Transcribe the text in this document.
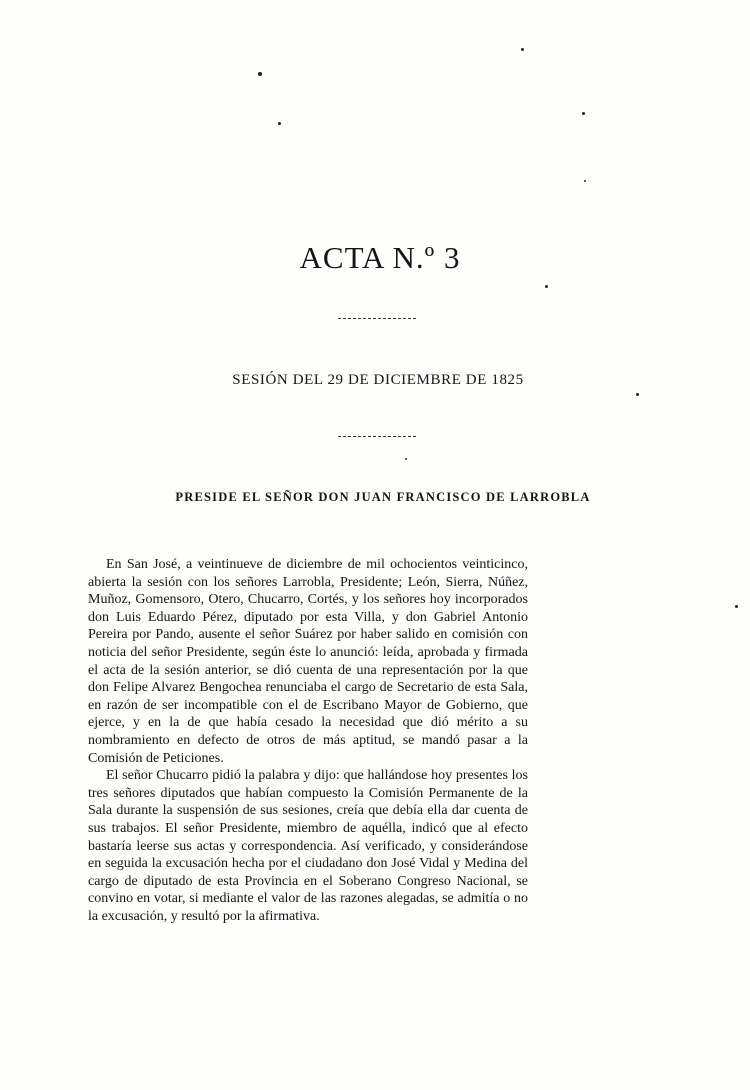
ACTA N.º 3
SESIÓN DEL 29 DE DICIEMBRE DE 1825
PRESIDE EL SEÑOR DON JUAN FRANCISCO DE LARROBLA

En San José, a veintinueve de diciembre de mil ochocientos veinticinco, abierta la sesión con los señores Larrobla, Presidente; León, Sierra, Núñez, Muñoz, Gomensoro, Otero, Chucarro, Cortés, y los señores hoy incorporados don Luis Eduardo Pérez, diputado por esta Villa, y don Gabriel Antonio Pereira por Pando, ausente el señor Suárez por haber salido en comisión con noticia del señor Presidente, según éste lo anunció: leída, aprobada y firmada el acta de la sesión anterior, se dió cuenta de una representación por la que don Felipe Alvarez Bengochea renunciaba el cargo de Secretario de esta Sala, en razón de ser incompatible con el de Escribano Mayor de Gobierno, que ejerce, y en la de que había cesado la necesidad que dió mérito a su nombramiento en defecto de otros de más aptitud, se mandó pasar a la Comisión de Peticiones.

El señor Chucarro pidió la palabra y dijo: que hallándose hoy presentes los tres señores diputados que habían compuesto la Comisión Permanente de la Sala durante la suspensión de sus sesiones, creía que debía ella dar cuenta de sus trabajos. El señor Presidente, miembro de aquélla, indicó que al efecto bastaría leerse sus actas y correspondencia. Así verificado, y considerándose en seguida la excusación hecha por el ciudadano don José Vidal y Medina del cargo de diputado de esta Provincia en el Soberano Congreso Nacional, se convino en votar, si mediante el valor de las razones alegadas, se admitía o no la excusación, y resultó por la afirmativa.
